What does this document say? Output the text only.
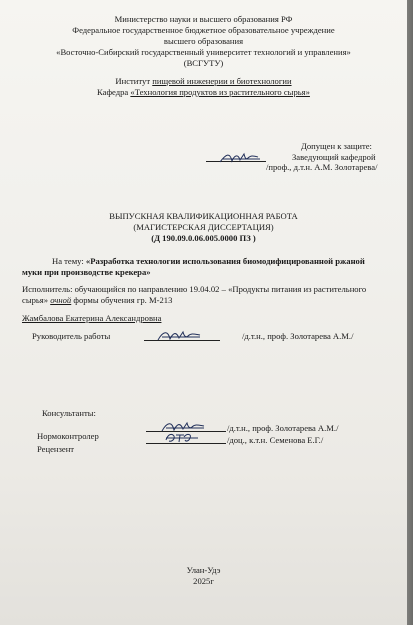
Министерство науки и высшего образования РФ
Федеральное государственное бюджетное образовательное учреждение
высшего образования
«Восточно-Сибирский государственный университет технологий и управления»
(ВСГУТУ)
Институт пищевой инженерии и биотехнологии
Кафедра «Технология продуктов из растительного сырья»
Допущен к защите:
Заведующий кафедрой
/проф., д.т.н. А.М. Золотарева/
ВЫПУСКНАЯ КВАЛИФИКАЦИОННАЯ РАБОТА
(МАГИСТЕРСКАЯ ДИССЕРТАЦИЯ)
(Д 190.09.0.06.005.0000 ПЗ )
На тему: «Разработка технологии использования биомодифицированной ржаной
муки при производстве крекера»
Исполнитель: обучающийся по направлению 19.04.02 – «Продукты питания из растительного
сырья» очной формы обучения гр. М-213
Жамбалова Екатерина Александровна
Руководитель работы	/д.т.н., проф. Золотарева А.М./
Консультанты:
Нормоконтролер
/д.т.н., проф. Золотарева А.М./
Рецензент
/доц., к.т.н. Семенова Е.Г./
Улан-Удэ
2025г
